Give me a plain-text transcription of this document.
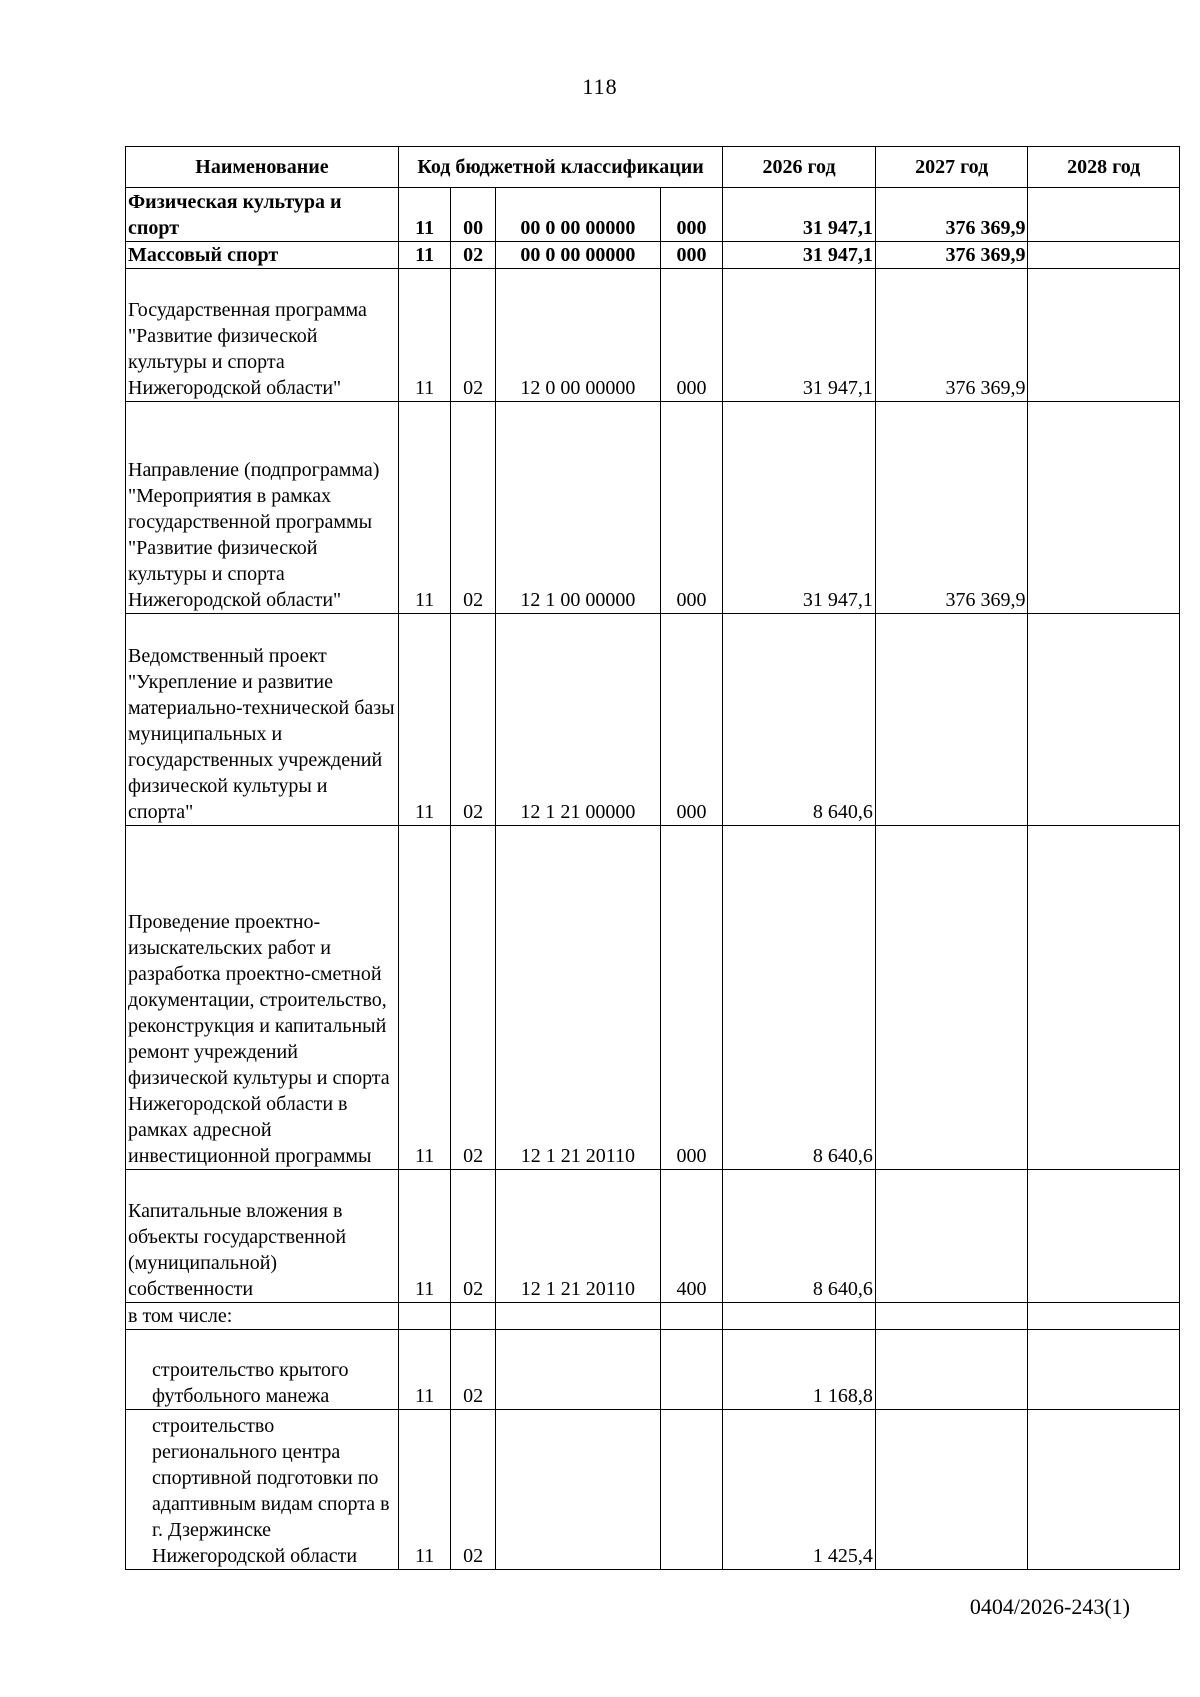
118
Наименование	Код бюджетной классификации				2026 год	2027 год	2028 год
Физическая культура и спорт	11	00	00 0 00 00000	000	31 947,1	376 369,9	
Массовый спорт	11	02	00 0 00 00000	000	31 947,1	376 369,9	
Государственная программа "Развитие физической культуры и спорта Нижегородской области"	11	02	12 0 00 00000	000	31 947,1	376 369,9	
Направление (подпрограмма) "Мероприятия в рамках государственной программы "Развитие физической культуры и спорта Нижегородской области"	11	02	12 1 00 00000	000	31 947,1	376 369,9	
Ведомственный проект "Укрепление и развитие материально-технической базы муниципальных и государственных учреждений физической культуры и спорта"	11	02	12 1 21 00000	000	8 640,6		
Проведение проектно-изыскательских работ и разработка проектно-сметной документации, строительство, реконструкция и капитальный ремонт учреждений физической культуры и спорта Нижегородской области в рамках адресной инвестиционной программы	11	02	12 1 21 20110	000	8 640,6		
Капитальные вложения в объекты государственной (муниципальной) собственности	11	02	12 1 21 20110	400	8 640,6		
в том числе:							
строительство крытого футбольного манежа	11	02			1 168,8		
строительство регионального центра спортивной подготовки по адаптивным видам спорта в г. Дзержинске Нижегородской области	11	02			1 425,4		
0404/2026-243(1)
